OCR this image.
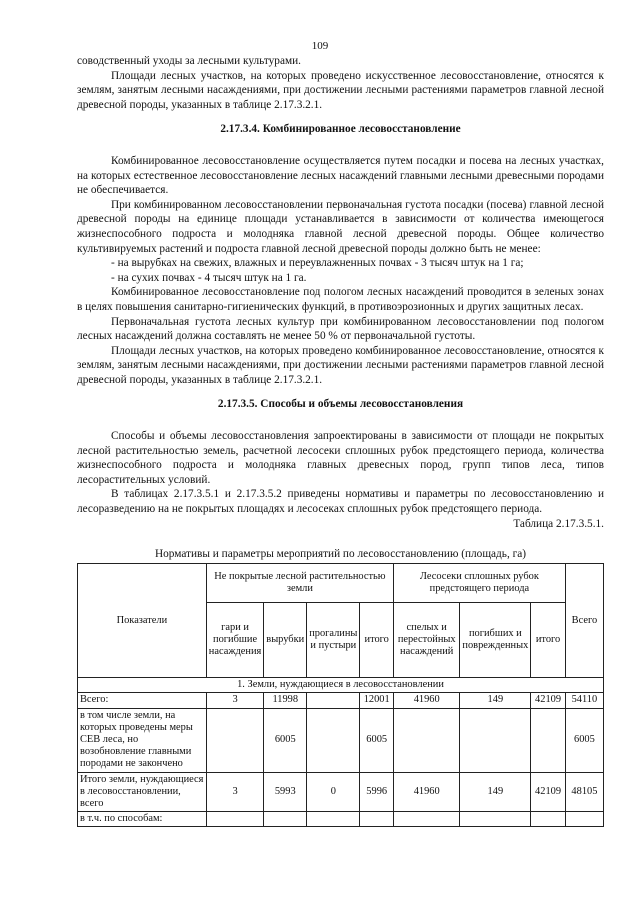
109

соводственный уходы за лесными культурами.

Площади лесных участков, на которых проведено искусственное лесовосстановление, относятся к землям, занятым лесными насаждениями, при достижении лесными растениями параметров главной лесной древесной породы, указанных в таблице 2.17.3.2.1.

2.17.3.4. Комбинированное лесовосстановление

Комбинированное лесовосстановление осуществляется путем посадки и посева на лесных участках, на которых естественное лесовосстановление лесных насаждений главными лесными древесными породами не обеспечивается.

При комбинированном лесовосстановлении первоначальная густота посадки (посева) главной лесной древесной породы на единице площади устанавливается в зависимости от количества имеющегося жизнеспособного подроста и молодняка главной лесной древесной породы. Общее количество культивируемых растений и подроста главной лесной древесной породы должно быть не менее:

- на вырубках на свежих, влажных и переувлажненных почвах - 3 тысяч штук на 1 га;

- на сухих почвах - 4 тысяч штук на 1 га.

Комбинированное лесовосстановление под пологом лесных насаждений проводится в зеленых зонах в целях повышения санитарно-гигиенических функций, в противоэрозионных и других защитных лесах.

Первоначальная густота лесных культур при комбинированном лесовосстановлении под пологом лесных насаждений должна составлять не менее 50 % от первоначальной густоты.

Площади лесных участков, на которых проведено комбинированное лесовосстановление, относятся к землям, занятым лесными насаждениями, при достижении лесными растениями параметров главной лесной древесной породы, указанных в таблице 2.17.3.2.1.

2.17.3.5. Способы и объемы лесовосстановления

Способы и объемы лесовосстановления запроектированы в зависимости от площади не покрытых лесной растительностью земель, расчетной лесосеки сплошных рубок предстоящего периода, количества жизнеспособного подроста и молодняка главных древесных пород, групп типов леса, типов лесорастительных условий.

В таблицах 2.17.3.5.1 и 2.17.3.5.2 приведены нормативы и параметры по лесовосстановлению и лесоразведению на не покрытых площадях и лесосеках сплошных рубок предстоящего периода.

Таблица 2.17.3.5.1.

Нормативы и параметры мероприятий по лесовосстановлению (площадь, га)
Показатели	Не покрытые лесной растительностью земли				Лесосеки сплошных рубок предстоящего периода			Всего
	гари и погибшие насаждения	вырубки	прогалины и пустыри	итого	спелых и перестойных насаждений	погибших и поврежденных	итого	
1. Земли, нуждающиеся в лесовосстановлении								
Всего:	3	11998		12001	41960	149	42109	54110
в том числе земли, на которых проведены меры СЕВ леса, но возобновление главными породами не закончено		6005		6005				6005
Итого земли, нуждающиеся в лесовосстановлении, всего	3	5993	0	5996	41960	149	42109	48105
в т.ч. по способам:								
